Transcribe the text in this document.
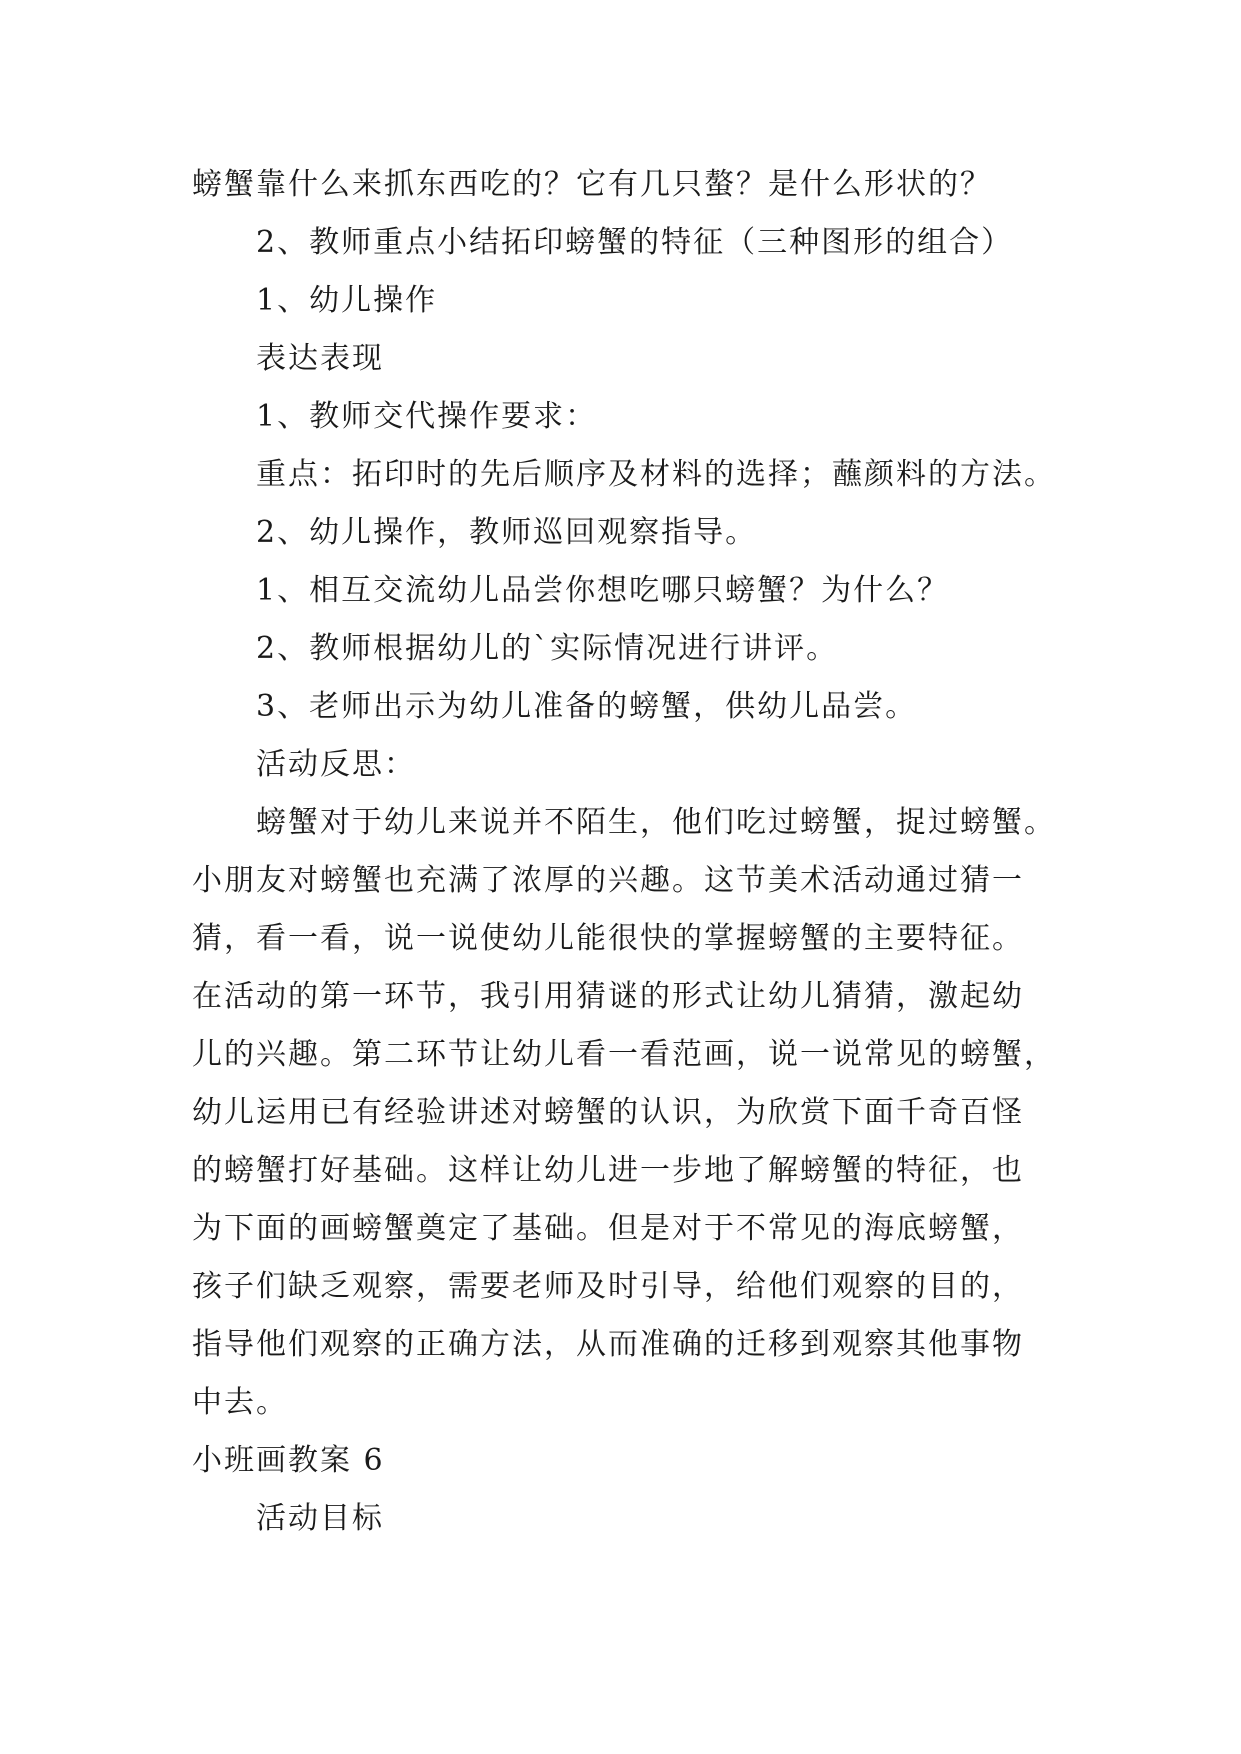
螃蟹靠什么来抓东西吃的？它有几只螯？是什么形状的？
2、教师重点小结拓印螃蟹的特征（三种图形的组合）
1、幼儿操作
表达表现
1、教师交代操作要求：
重点：拓印时的先后顺序及材料的选择；蘸颜料的方法。
2、幼儿操作，教师巡回观察指导。
1、相互交流幼儿品尝你想吃哪只螃蟹？为什么？
2、教师根据幼儿的`实际情况进行讲评。
3、老师出示为幼儿准备的螃蟹，供幼儿品尝。
活动反思：
螃蟹对于幼儿来说并不陌生，他们吃过螃蟹，捉过螃蟹。
小朋友对螃蟹也充满了浓厚的兴趣。这节美术活动通过猜一
猜，看一看，说一说使幼儿能很快的掌握螃蟹的主要特征。
在活动的第一环节，我引用猜谜的形式让幼儿猜猜，激起幼
儿的兴趣。第二环节让幼儿看一看范画，说一说常见的螃蟹，
幼儿运用已有经验讲述对螃蟹的认识，为欣赏下面千奇百怪
的螃蟹打好基础。这样让幼儿进一步地了解螃蟹的特征，也
为下面的画螃蟹奠定了基础。但是对于不常见的海底螃蟹，
孩子们缺乏观察，需要老师及时引导，给他们观察的目的，
指导他们观察的正确方法，从而准确的迁移到观察其他事物
中去。
小班画教案 6
活动目标
